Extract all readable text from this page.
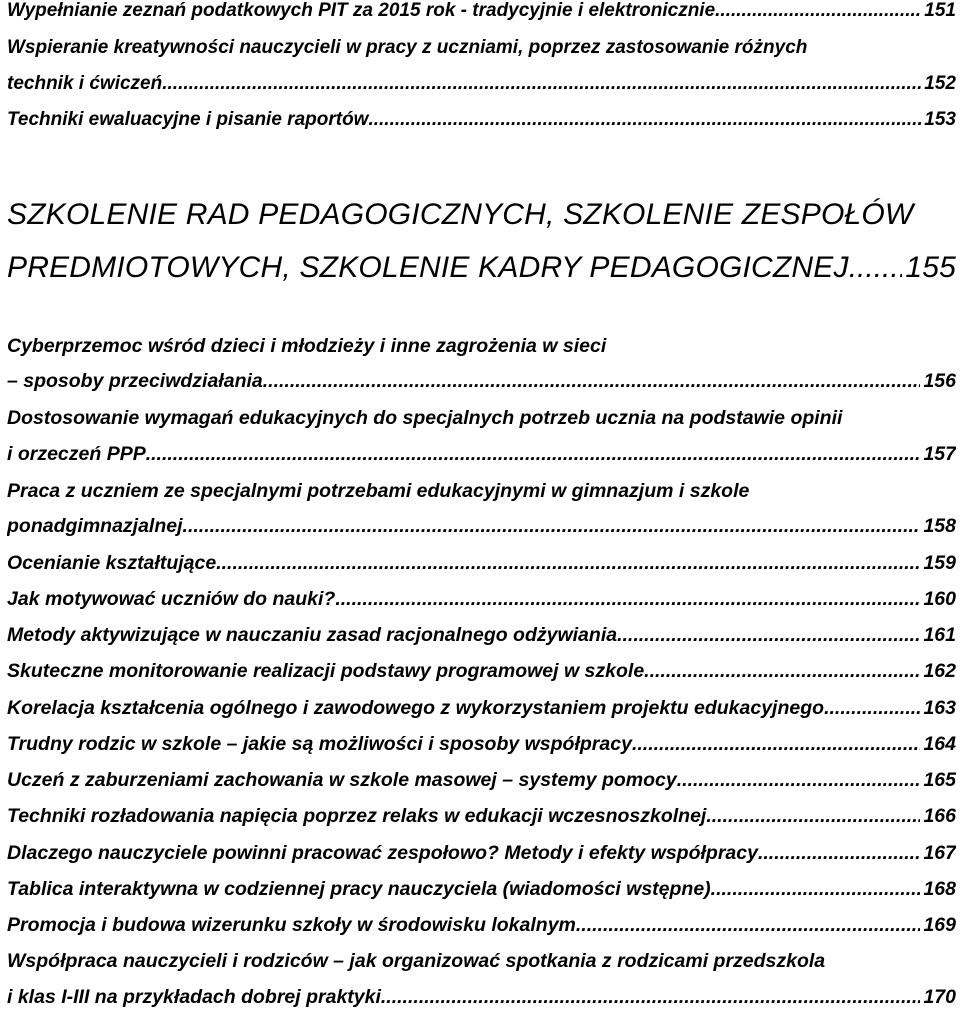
Wypełnianie zeznań podatkowych PIT za 2015 rok - tradycyjnie i elektronicznie .....	151
Wspieranie kreatywności nauczycieli w pracy z uczniami, poprzez zastosowanie różnych
technik i ćwiczeń .....	152
Techniki ewaluacyjne i pisanie raportów .....	153
SZKOLENIE RAD PEDAGOGICZNYCH, SZKOLENIE ZESPOŁÓW
PREDMIOTOWYCH, SZKOLENIE KADRY PEDAGOGICZNEJ ..... 155
Cyberprzemoc wśród dzieci i młodzieży i inne zagrożenia w sieci
– sposoby przeciwdziałania .....	156
Dostosowanie wymagań edukacyjnych do specjalnych potrzeb ucznia na podstawie opinii
i orzeczeń PPP .....	157
Praca z uczniem ze specjalnymi potrzebami edukacyjnymi w gimnazjum i szkole
ponadgimnazjalnej .....	158
Ocenianie kształtujące .....	159
Jak motywować uczniów do nauki? .....	160
Metody aktywizujące w nauczaniu zasad racjonalnego odżywiania .....	161
Skuteczne monitorowanie realizacji podstawy programowej w szkole .....	162
Korelacja kształcenia ogólnego i zawodowego z wykorzystaniem projektu edukacyjnego .....	163
Trudny rodzic w szkole – jakie są możliwości i sposoby współpracy .....	164
Uczeń z zaburzeniami zachowania w szkole masowej – systemy pomocy .....	165
Techniki rozładowania napięcia poprzez relaks w edukacji wczesnoszkolnej .....	166
Dlaczego nauczyciele powinni pracować zespołowo? Metody i efekty współpracy .....	167
Tablica interaktywna w codziennej pracy nauczyciela (wiadomości wstępne) .....	168
Promocja i budowa wizerunku szkoły w środowisku lokalnym .....	169
Współpraca nauczycieli i rodziców – jak organizować spotkania z rodzicami przedszkola
i klas I-III na przykładach dobrej praktyki .....	170
